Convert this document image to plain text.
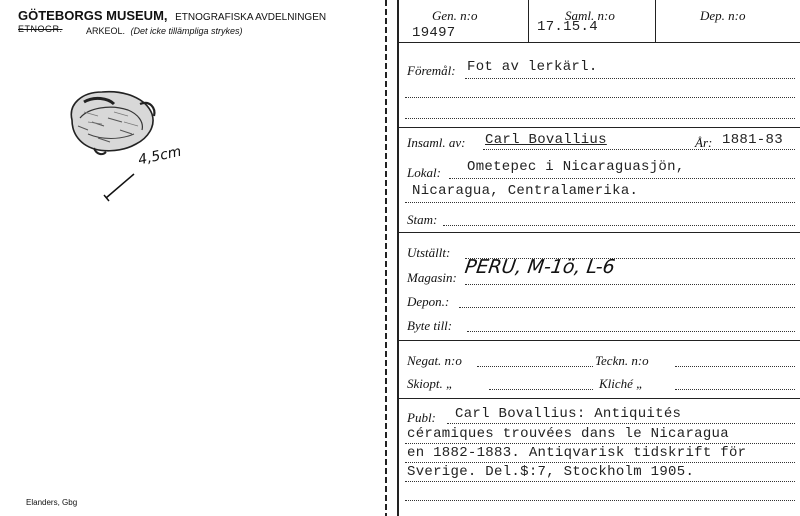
GÖTEBORGS MUSEUM, ETNOGRAFISKA AVDELNINGEN
ETNOGR.	ARKEOL. (Det icke tillämpliga strykes)
4,5cm
Elanders, Gbg
Gen. n:o
19497
Saml. n:o
17.15.4
Dep. n:o
Föremål: Fot av lerkärl.
Insaml. av: Carl Bovallius	År: 1881-83
Lokal: Ometepec i Nicaraguasjön,
Nicaragua, Centralamerika.
Stam:
Utställt:
Magasin: PERU, M-1ö, L-6
Depon.:
Byte till:
Negat. n:o	Teckn. n:o
Skiopt. „	Kliché „
Publ: Carl Bovallius: Antiquités
céramiques trouvées dans le Nicaragua
en 1882-1883. Antiqvarisk tidskrift för
Sverige. Del.$:7, Stockholm 1905.
